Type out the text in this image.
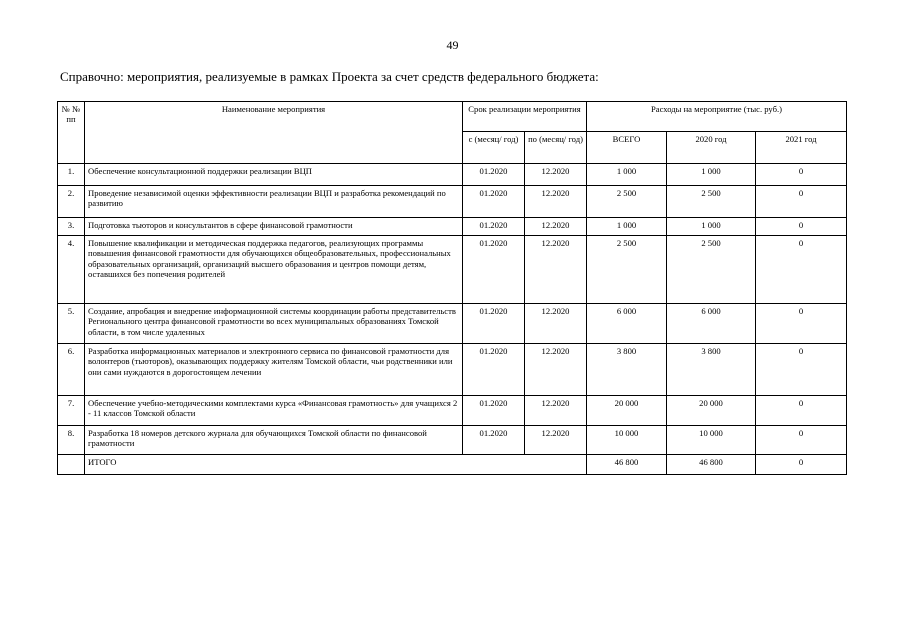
49
Справочно: мероприятия, реализуемые в рамках Проекта за счет средств федерального бюджета:
№ № пп	Наименование мероприятия	Срок реализации мероприятия		Расходы на мероприятие (тыс. руб.)		
		с (месяц/ год)	по (месяц/ год)	ВСЕГО	2020 год	2021 год
1.	Обеспечение консультационной поддержки реализации ВЦП	01.2020	12.2020	1 000	1 000	0
2.	Проведение независимой оценки эффективности реализации ВЦП и разработка рекомендаций по развитию	01.2020	12.2020	2 500	2 500	0
3.	Подготовка тьюторов и консультантов в сфере финансовой грамотности	01.2020	12.2020	1 000	1 000	0
4.	Повышение квалификации и методическая поддержка педагогов, реализующих программы повышения финансовой грамотности для обучающихся общеобразовательных, профессиональных образовательных организаций, организаций высшего образования и центров помощи детям, оставшихся без попечения родителей	01.2020	12.2020	2 500	2 500	0
5.	Создание, апробация и внедрение информационной системы координации работы представительств Регионального центра финансовой грамотности во всех муниципальных образованиях Томской области, в том числе удаленных	01.2020	12.2020	6 000	6 000	0
6.	Разработка информационных материалов и электронного сервиса по финансовой грамотности для волонтеров (тьюторов), оказывающих поддержку жителям Томской области, чьи родственники или они сами нуждаются в дорогостоящем лечении	01.2020	12.2020	3 800	3 800	0
7.	Обеспечение учебно-методическими комплектами курса «Финансовая грамотность» для учащихся 2 - 11 классов Томской области	01.2020	12.2020	20 000	20 000	0
8.	Разработка 18 номеров детского журнала для обучающихся Томской области по финансовой грамотности	01.2020	12.2020	10 000	10 000	0
	ИТОГО			46 800	46 800	0
